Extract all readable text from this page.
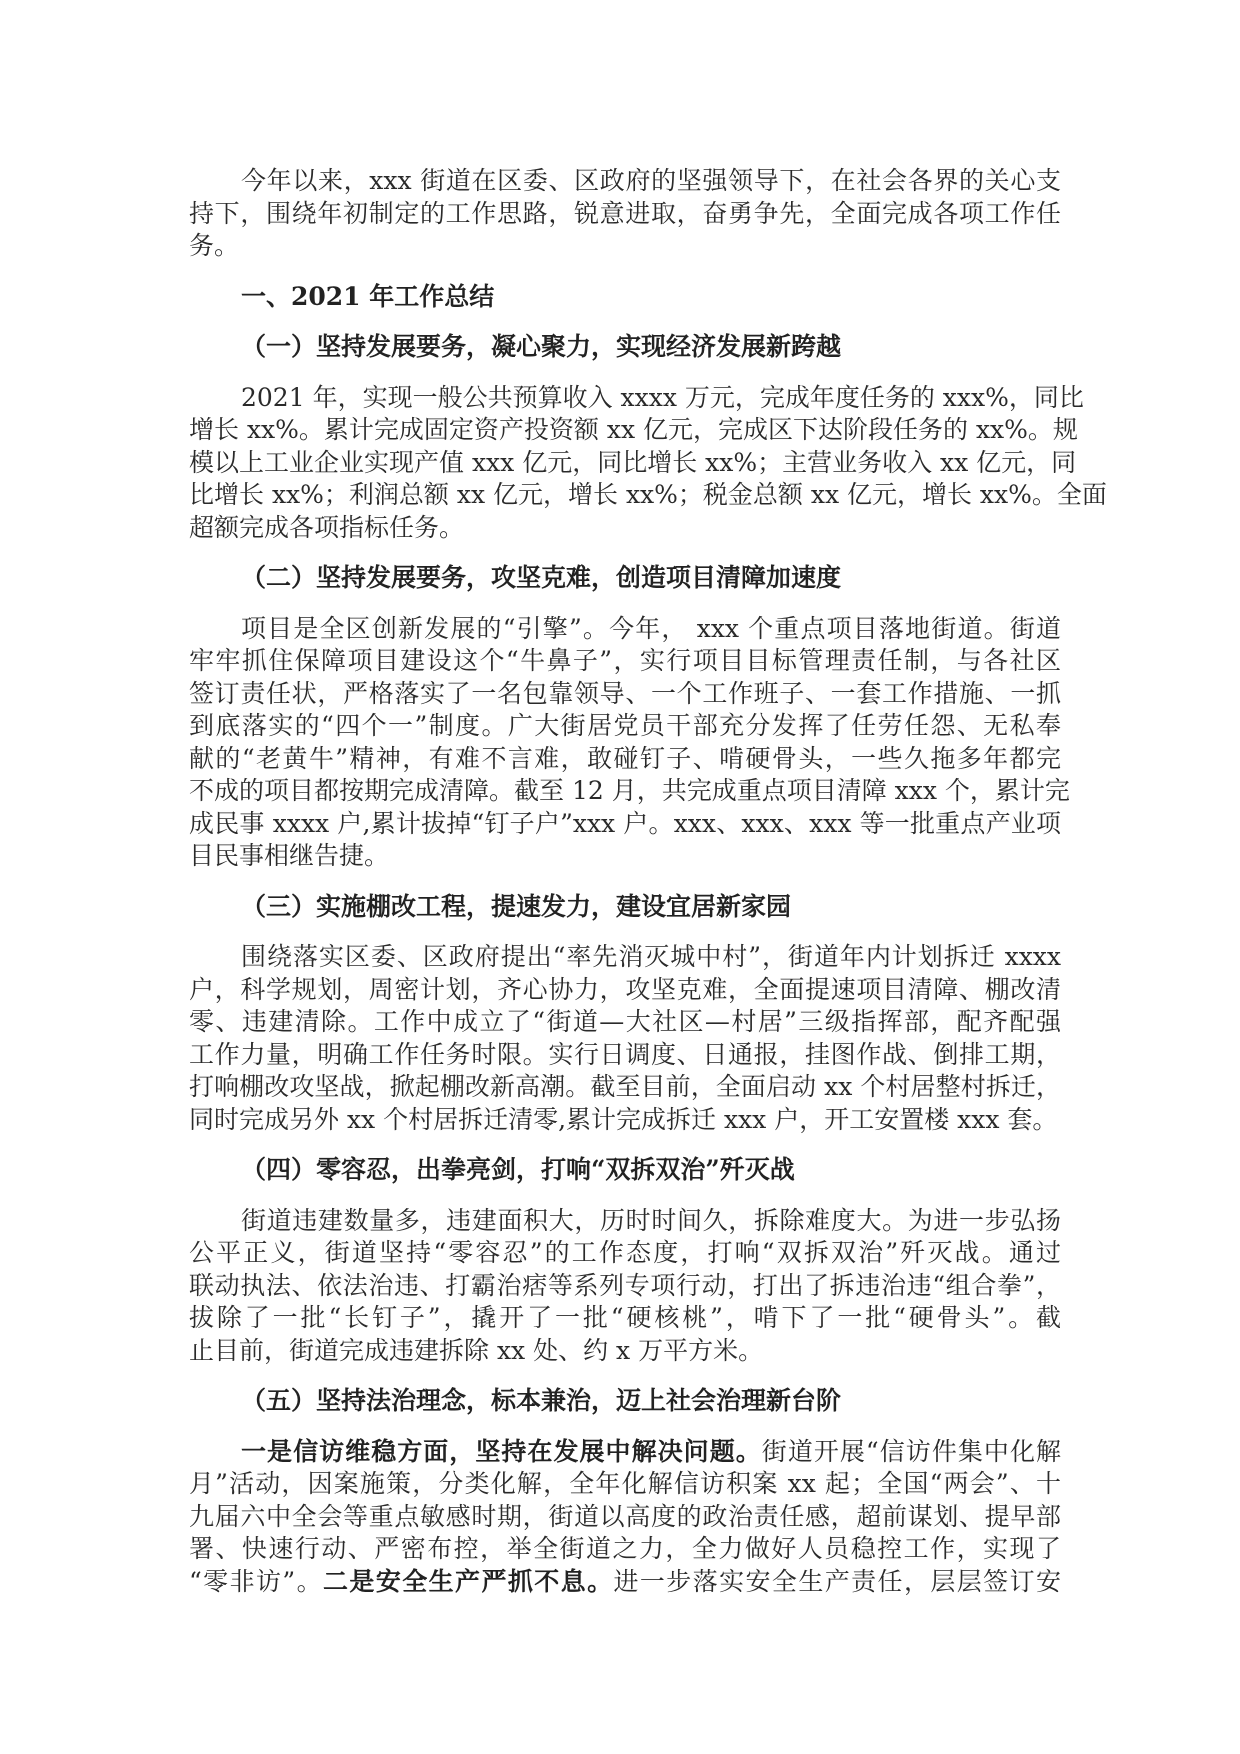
今年以来，xxx 街道在区委、区政府的坚强领导下，在社会各界的关心支
持下，围绕年初制定的工作思路，锐意进取，奋勇争先，全面完成各项工作任
务。
一、2021 年工作总结
（一）坚持发展要务，凝心聚力，实现经济发展新跨越
2021 年，实现一般公共预算收入 xxxx 万元，完成年度任务的 xxx%，同比
增长 xx%。累计完成固定资产投资额 xx 亿元，完成区下达阶段任务的 xx%。规
模以上工业企业实现产值 xxx 亿元，同比增长 xx%；主营业务收入 xx 亿元，同
比增长 xx%；利润总额 xx 亿元，增长 xx%；税金总额 xx 亿元，增长 xx%。全面
超额完成各项指标任务。
（二）坚持发展要务，攻坚克难，创造项目清障加速度
项目是全区创新发展的“引擎”。今年， xxx 个重点项目落地街道。街道
牢牢抓住保障项目建设这个“牛鼻子”，实行项目目标管理责任制，与各社区
签订责任状，严格落实了一名包靠领导、一个工作班子、一套工作措施、一抓
到底落实的“四个一”制度。广大街居党员干部充分发挥了任劳任怨、无私奉
献的“老黄牛”精神，有难不言难，敢碰钉子、啃硬骨头，一些久拖多年都完
不成的项目都按期完成清障。截至 12 月，共完成重点项目清障 xxx 个，累计完
成民事 xxxx 户,累计拔掉“钉子户”xxx 户。xxx、xxx、xxx 等一批重点产业项
目民事相继告捷。
（三）实施棚改工程，提速发力，建设宜居新家园
围绕落实区委、区政府提出“率先消灭城中村”，街道年内计划拆迁 xxxx
户，科学规划，周密计划，齐心协力，攻坚克难，全面提速项目清障、棚改清
零、违建清除。工作中成立了“街道—大社区—村居”三级指挥部，配齐配强
工作力量，明确工作任务时限。实行日调度、日通报，挂图作战、倒排工期，
打响棚改攻坚战，掀起棚改新高潮。截至目前，全面启动 xx 个村居整村拆迁，
同时完成另外 xx 个村居拆迁清零,累计完成拆迁 xxx 户，开工安置楼 xxx 套。
（四）零容忍，出拳亮剑，打响“双拆双治”歼灭战
街道违建数量多，违建面积大，历时时间久，拆除难度大。为进一步弘扬
公平正义，街道坚持“零容忍”的工作态度，打响“双拆双治”歼灭战。通过
联动执法、依法治违、打霸治痞等系列专项行动，打出了拆违治违“组合拳”，
拔除了一批“长钉子”，撬开了一批“硬核桃”，啃下了一批“硬骨头”。截
止目前，街道完成违建拆除 xx 处、约 x 万平方米。
（五）坚持法治理念，标本兼治，迈上社会治理新台阶
一是信访维稳方面，坚持在发展中解决问题。街道开展“信访件集中化解
月”活动，因案施策，分类化解，全年化解信访积案 xx 起；全国“两会”、十
九届六中全会等重点敏感时期，街道以高度的政治责任感，超前谋划、提早部
署、快速行动、严密布控，举全街道之力，全力做好人员稳控工作，实现了
“零非访”。二是安全生产严抓不息。进一步落实安全生产责任，层层签订安
